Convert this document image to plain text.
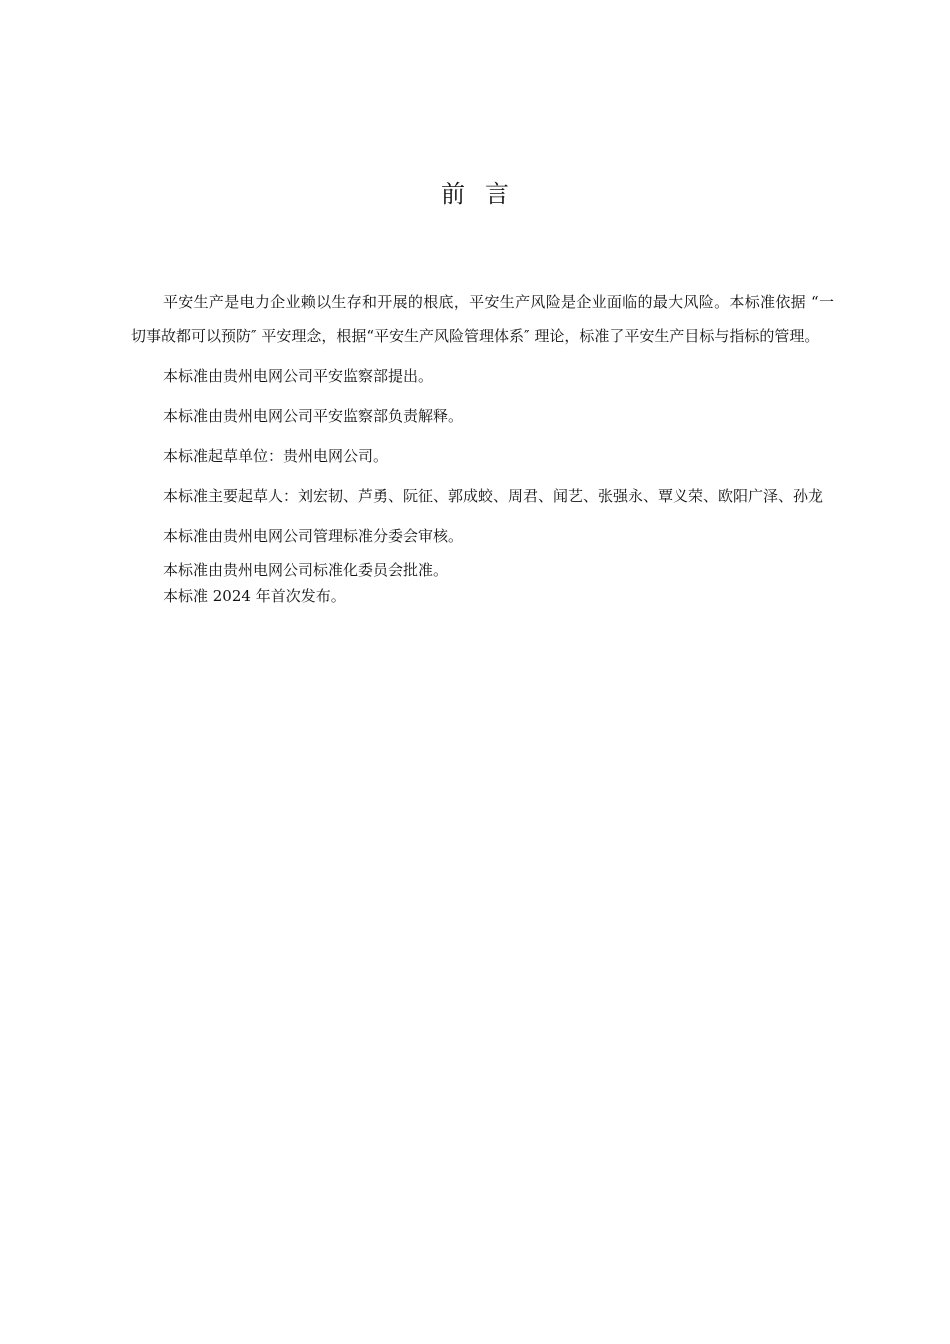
前言

平安生产是电力企业赖以生存和开展的根底，平安生产风险是企业面临的最大风险。本标准依据 “一切事故都可以预防″ 平安理念，根据“平安生产风险管理体系″ 理论，标准了平安生产目标与指标的管理。

本标准由贵州电网公司平安监察部提出。

本标准由贵州电网公司平安监察部负责解释。

本标准起草单位：贵州电网公司。

本标准主要起草人：刘宏韧、芦勇、阮征、郭成蛟、周君、闻艺、张强永、覃义荣、欧阳广泽、孙龙

本标准由贵州电网公司管理标准分委会审核。

本标准由贵州电网公司标准化委员会批准。

本标准 2024 年首次发布。
